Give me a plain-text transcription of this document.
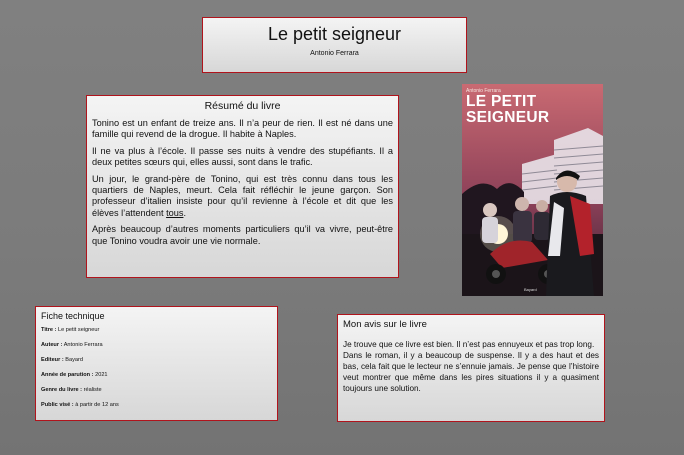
Le petit seigneur
Antonio Ferrara
Résumé du livre

Tonino est un enfant de treize ans. Il n’a peur de rien. Il est né dans une famille qui revend de la drogue. Il habite à Naples.

Il ne va plus à l’école. Il passe ses nuits à vendre des stupéfiants. Il a deux petites sœurs qui, elles aussi, sont dans le trafic.

Un jour, le grand-père de Tonino, qui est très connu dans tous les quartiers de Naples, meurt. Cela fait réfléchir le jeune garçon. Son professeur d’italien insiste pour qu’il revienne à l’école et dit que les élèves l’attendent tous.

Après beaucoup d’autres moments particuliers qu’il va vivre, peut-être que Tonino voudra avoir une vie normale.

Antonio Ferrara
LE PETIT
SEIGNEUR
Bayard
Fiche technique
Titre : Le petit seigneur
Auteur : Antonio Ferrara
Editeur : Bayard
Année de parution : 2021
Genre du livre : réaliste
Public visé : à partir de 12 ans
Mon avis sur le livre

Je trouve que ce livre est bien. Il n’est pas ennuyeux et pas trop long.

Dans le roman, il y a beaucoup de suspense. Il y a des haut et des bas, cela fait que le lecteur ne s’ennuie jamais. Je pense que l’histoire veut montrer que même dans les pires situations il y a quasiment toujours une solution.
